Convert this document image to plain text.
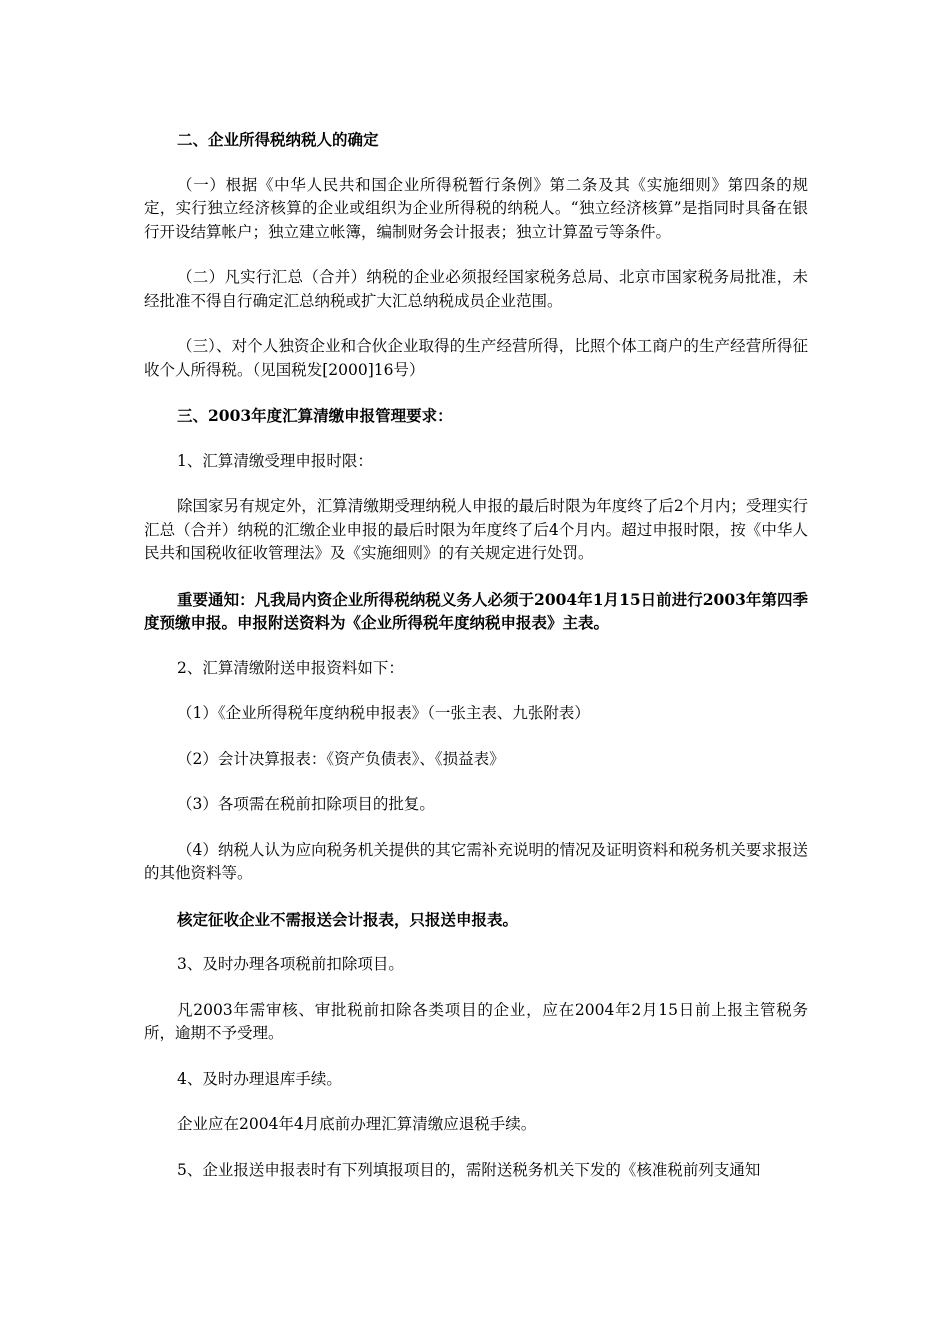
二、企业所得税纳税人的确定

（一）根据《中华人民共和国企业所得税暂行条例》第二条及其《实施细则》第四条的规定，实行独立经济核算的企业或组织为企业所得税的纳税人。“独立经济核算”是指同时具备在银行开设结算帐户；独立建立帐簿，编制财务会计报表；独立计算盈亏等条件。

（二）凡实行汇总（合并）纳税的企业必须报经国家税务总局、北京市国家税务局批准，未经批准不得自行确定汇总纳税或扩大汇总纳税成员企业范围。

（三）、对个人独资企业和合伙企业取得的生产经营所得，比照个体工商户的生产经营所得征收个人所得税。（见国税发[2000]16号）

三、2003年度汇算清缴申报管理要求：

1、汇算清缴受理申报时限：

除国家另有规定外，汇算清缴期受理纳税人申报的最后时限为年度终了后2个月内；受理实行汇总（合并）纳税的汇缴企业申报的最后时限为年度终了后4个月内。超过申报时限，按《中华人民共和国税收征收管理法》及《实施细则》的有关规定进行处罚。

重要通知：凡我局内资企业所得税纳税义务人必须于2004年1月15日前进行2003年第四季度预缴申报。申报附送资料为《企业所得税年度纳税申报表》主表。

2、汇算清缴附送申报资料如下：

（1）《企业所得税年度纳税申报表》（一张主表、九张附表）

（2）会计决算报表：《资产负债表》、《损益表》

（3）各项需在税前扣除项目的批复。

（4）纳税人认为应向税务机关提供的其它需补充说明的情况及证明资料和税务机关要求报送的其他资料等。

核定征收企业不需报送会计报表，只报送申报表。

3、及时办理各项税前扣除项目。

凡2003年需审核、审批税前扣除各类项目的企业，应在2004年2月15日前上报主管税务所，逾期不予受理。

4、及时办理退库手续。

企业应在2004年4月底前办理汇算清缴应退税手续。

5、企业报送申报表时有下列填报项目的，需附送税务机关下发的《核准税前列支通知
